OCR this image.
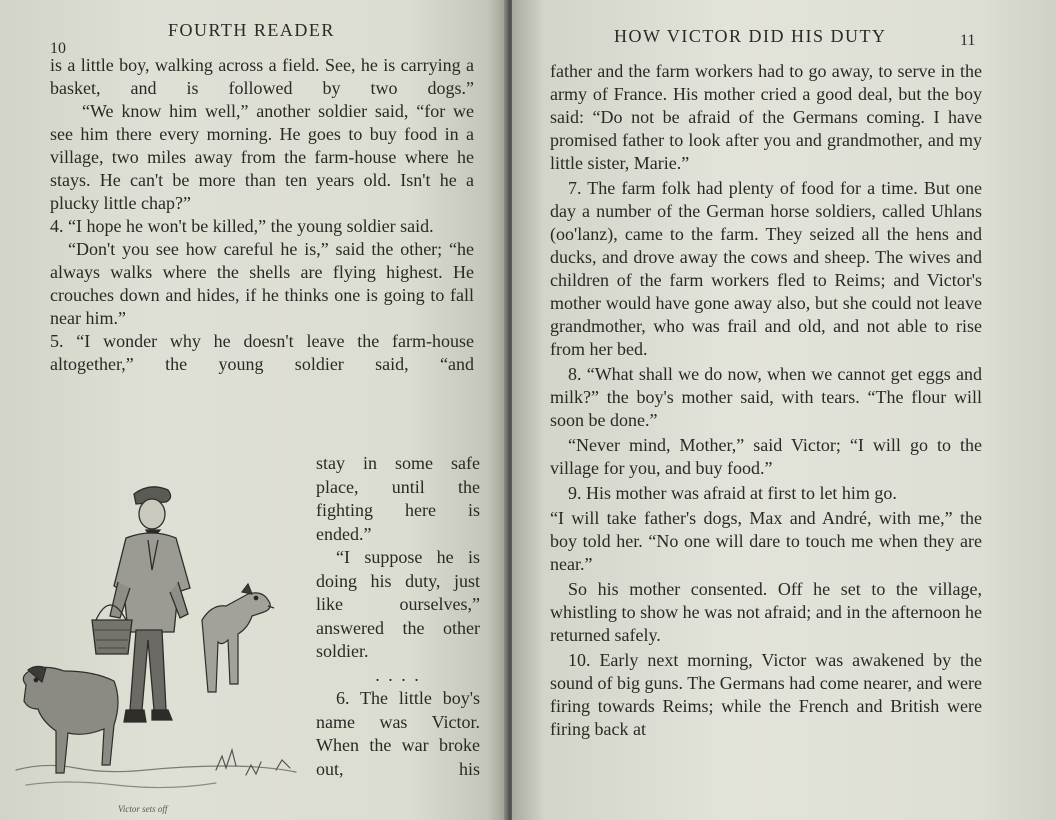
10
FOURTH READER

is a little boy, walking across a field. See, he is carrying a basket, and is followed by two dogs.”

“We know him well,” another soldier said, “for we see him there every morning. He goes to buy food in a village, two miles away from the farm-house where he stays. He can't be more than ten years old. Isn't he a plucky little chap?”

4. “I hope he won't be killed,” the young soldier said.

“Don't you see how careful he is,” said the other; “he always walks where the shells are flying highest. He crouches down and hides, if he thinks one is going to fall near him.”

5. “I wonder why he doesn't leave the farm-house altogether,” the young soldier said, “and

stay in some safe place, until the fighting here is ended.”

“I suppose he is doing his duty, just like ourselves,” answered the other soldier.

. . . .

6. The little boy's name was Victor. When the war broke out, his

Victor sets off
HOW VICTOR DID HIS DUTY	11

father and the farm workers had to go away, to serve in the army of France. His mother cried a good deal, but the boy said: “Do not be afraid of the Germans coming. I have promised father to look after you and grandmother, and my little sister, Marie.”

7. The farm folk had plenty of food for a time. But one day a number of the German horse soldiers, called Uhlans (oo'lanz), came to the farm. They seized all the hens and ducks, and drove away the cows and sheep. The wives and children of the farm workers fled to Reims; and Victor's mother would have gone away also, but she could not leave grandmother, who was frail and old, and not able to rise from her bed.

8. “What shall we do now, when we cannot get eggs and milk?” the boy's mother said, with tears. “The flour will soon be done.”

“Never mind, Mother,” said Victor; “I will go to the village for you, and buy food.”

9. His mother was afraid at first to let him go.

“I will take father's dogs, Max and André, with me,” the boy told her. “No one will dare to touch me when they are near.”

So his mother consented. Off he set to the village, whistling to show he was not afraid; and in the afternoon he returned safely.

10. Early next morning, Victor was awakened by the sound of big guns. The Germans had come nearer, and were firing towards Reims; while the French and British were firing back at
